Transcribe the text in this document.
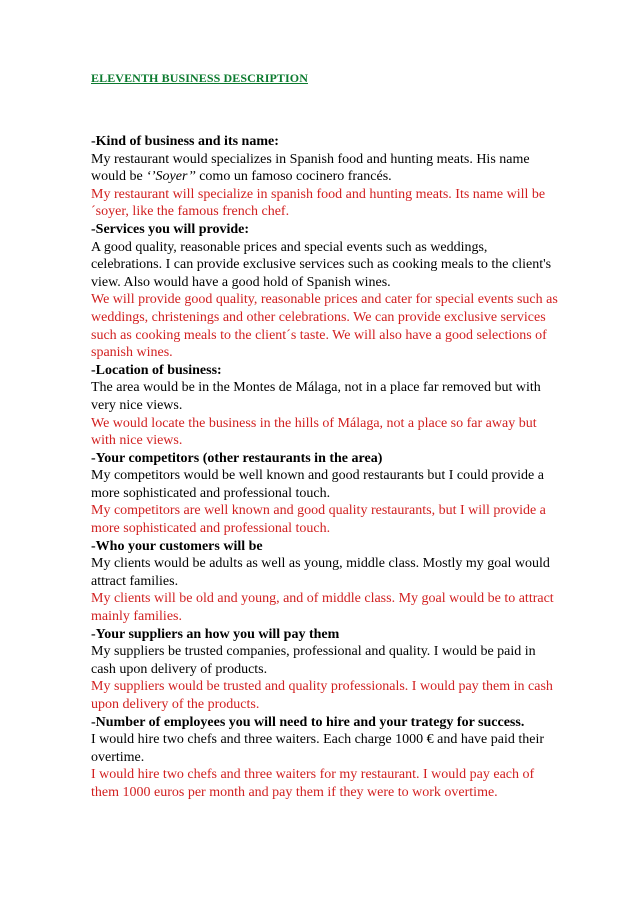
ELEVENTH BUSINESS DESCRIPTION

-Kind of business and its name:

My restaurant would specializes in Spanish food and hunting meats. His name would be ‘’Soyer’’ como un famoso cocinero francés.

My restaurant will specialize in spanish food and hunting meats. Its name will be ´soyer, like the famous french chef.

-Services you will provide:

A good quality, reasonable prices and special events such as weddings, celebrations. I can provide exclusive services such as cooking meals to the client's view. Also would have a good hold of Spanish wines.

We will provide good quality, reasonable prices and cater for special events such as weddings, christenings and other celebrations. We can provide exclusive services such as cooking meals to the client´s taste. We will also have a good selections of spanish wines.

-Location of business:

The area would be in the Montes de Málaga, not in a place far removed but with very nice views.

We would locate the business in the hills of Málaga, not a place so far away but with nice views.

-Your competitors (other restaurants in the area)

My competitors would be well known and good restaurants but I could provide a more sophisticated and professional touch.

My competitors are well known and good quality restaurants, but I will provide a more sophisticated and professional touch.

-Who your customers will be

My clients would be adults as well as young, middle class. Mostly my goal would attract families.

My clients will be old and young, and of middle class. My goal would be to attract mainly families.

-Your suppliers an how you will pay them

My suppliers be trusted companies, professional and quality. I would be paid in cash upon delivery of products.

My suppliers would be trusted and quality professionals. I would pay them in cash upon delivery of the products.

-Number of employees you will need to hire and your trategy for success.

I would hire two chefs and three waiters. Each charge 1000 € and have paid their overtime.

I would hire two chefs and three waiters for my restaurant. I would pay each of them 1000 euros per month and pay them if they were to work overtime.
